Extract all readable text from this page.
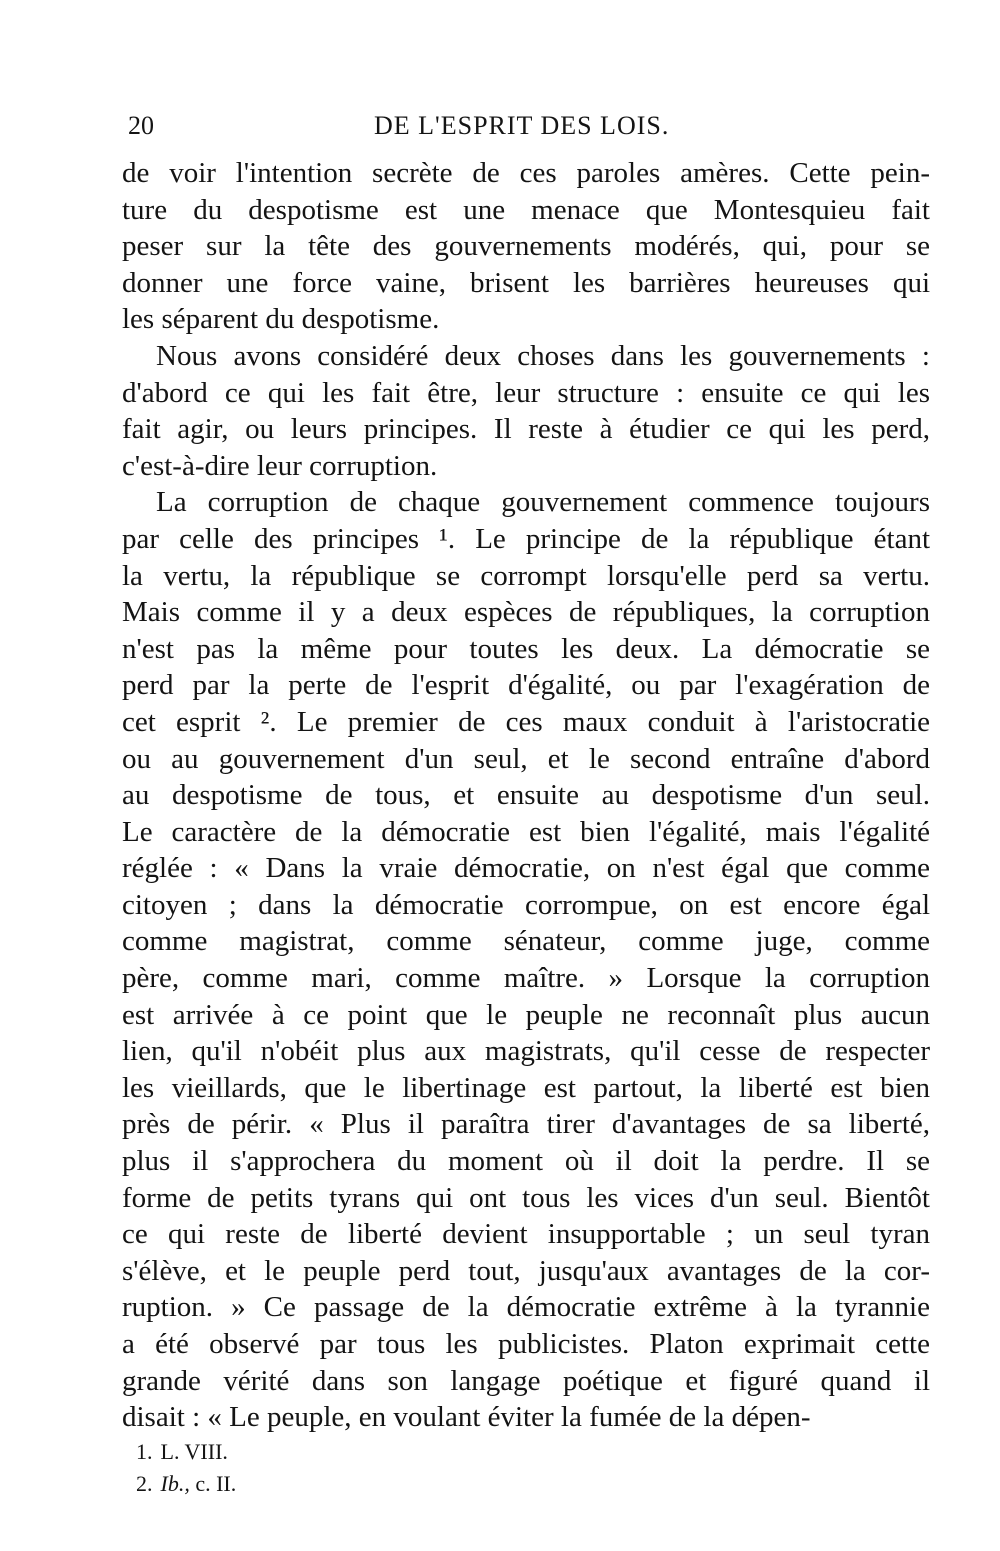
20	DE L'ESPRIT DES LOIS.

de voir l'intention secrète de ces paroles amères. Cette pein-
ture du despotisme est une menace que Montesquieu fait
peser sur la tête des gouvernements modérés, qui, pour se
donner une force vaine, brisent les barrières heureuses qui
les séparent du despotisme.

Nous avons considéré deux choses dans les gouvernements :
d'abord ce qui les fait être, leur structure : ensuite ce qui les
fait agir, ou leurs principes. Il reste à étudier ce qui les perd,
c'est-à-dire leur corruption.

La corruption de chaque gouvernement commence toujours
par celle des principes ¹. Le principe de la république étant
la vertu, la république se corrompt lorsqu'elle perd sa vertu.
Mais comme il y a deux espèces de républiques, la corruption
n'est pas la même pour toutes les deux. La démocratie se
perd par la perte de l'esprit d'égalité, ou par l'exagération de
cet esprit ². Le premier de ces maux conduit à l'aristocratie
ou au gouvernement d'un seul, et le second entraîne d'abord
au despotisme de tous, et ensuite au despotisme d'un seul.
Le caractère de la démocratie est bien l'égalité, mais l'égalité
réglée : « Dans la vraie démocratie, on n'est égal que comme
citoyen ; dans la démocratie corrompue, on est encore égal
comme magistrat, comme sénateur, comme juge, comme
père, comme mari, comme maître. » Lorsque la corruption
est arrivée à ce point que le peuple ne reconnaît plus aucun
lien, qu'il n'obéit plus aux magistrats, qu'il cesse de respecter
les vieillards, que le libertinage est partout, la liberté est bien
près de périr. « Plus il paraîtra tirer d'avantages de sa liberté,
plus il s'approchera du moment où il doit la perdre. Il se
forme de petits tyrans qui ont tous les vices d'un seul. Bientôt
ce qui reste de liberté devient insupportable ; un seul tyran
s'élève, et le peuple perd tout, jusqu'aux avantages de la cor-
ruption. » Ce passage de la démocratie extrême à la tyrannie
a été observé par tous les publicistes. Platon exprimait cette
grande vérité dans son langage poétique et figuré quand il
disait : « Le peuple, en voulant éviter la fumée de la dépen-

1. L. VIII.
2. Ib., c. II.
